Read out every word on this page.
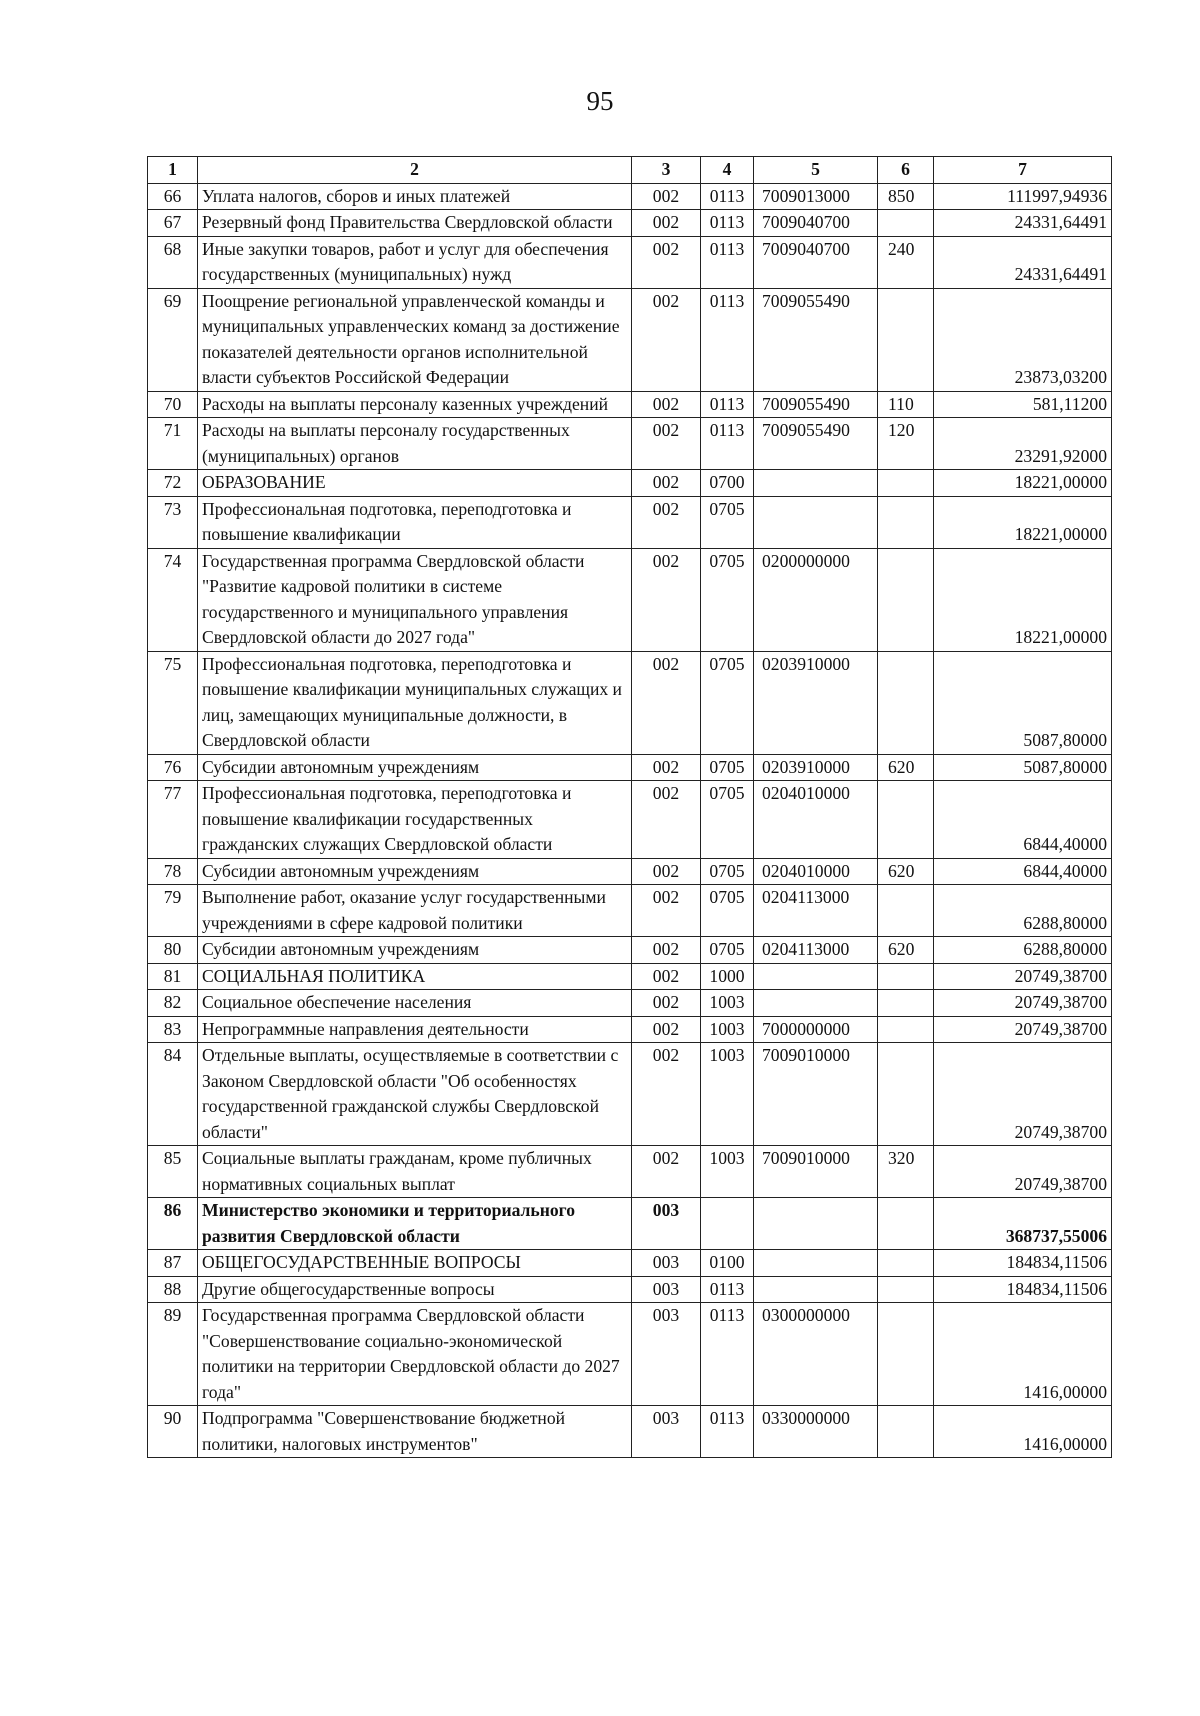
95
1	2	3	4	5	6	7
66	Уплата налогов, сборов и иных платежей	002	0113	7009013000	850	111997,94936
67	Резервный фонд Правительства Свердловской области	002	0113	7009040700		24331,64491
68	Иные закупки товаров, работ и услуг для обеспечения государственных (муниципальных) нужд	002	0113	7009040700	240	24331,64491
69	Поощрение региональной управленческой команды и муниципальных управленческих команд за достижение показателей деятельности органов исполнительной власти субъектов Российской Федерации	002	0113	7009055490		23873,03200
70	Расходы на выплаты персоналу казенных учреждений	002	0113	7009055490	110	581,11200
71	Расходы на выплаты персоналу государственных (муниципальных) органов	002	0113	7009055490	120	23291,92000
72	ОБРАЗОВАНИЕ	002	0700			18221,00000
73	Профессиональная подготовка, переподготовка и повышение квалификации	002	0705			18221,00000
74	Государственная программа Свердловской области "Развитие кадровой политики в системе государственного и муниципального управления Свердловской области до 2027 года"	002	0705	0200000000		18221,00000
75	Профессиональная подготовка, переподготовка и повышение квалификации муниципальных служащих и лиц, замещающих муниципальные должности, в Свердловской области	002	0705	0203910000		5087,80000
76	Субсидии автономным учреждениям	002	0705	0203910000	620	5087,80000
77	Профессиональная подготовка, переподготовка и повышение квалификации государственных гражданских служащих Свердловской области	002	0705	0204010000		6844,40000
78	Субсидии автономным учреждениям	002	0705	0204010000	620	6844,40000
79	Выполнение работ, оказание услуг государственными учреждениями в сфере кадровой политики	002	0705	0204113000		6288,80000
80	Субсидии автономным учреждениям	002	0705	0204113000	620	6288,80000
81	СОЦИАЛЬНАЯ ПОЛИТИКА	002	1000			20749,38700
82	Социальное обеспечение населения	002	1003			20749,38700
83	Непрограммные направления деятельности	002	1003	7000000000		20749,38700
84	Отдельные выплаты, осуществляемые в соответствии с Законом Свердловской области "Об особенностях государственной гражданской службы Свердловской области"	002	1003	7009010000		20749,38700
85	Социальные выплаты гражданам, кроме публичных нормативных социальных выплат	002	1003	7009010000	320	20749,38700
86	Министерство экономики и территориального развития Свердловской области	003				368737,55006
87	ОБЩЕГОСУДАРСТВЕННЫЕ ВОПРОСЫ	003	0100			184834,11506
88	Другие общегосударственные вопросы	003	0113			184834,11506
89	Государственная программа Свердловской области "Совершенствование социально-экономической политики на территории Свердловской области до 2027 года"	003	0113	0300000000		1416,00000
90	Подпрограмма "Совершенствование бюджетной политики, налоговых инструментов"	003	0113	0330000000		1416,00000
